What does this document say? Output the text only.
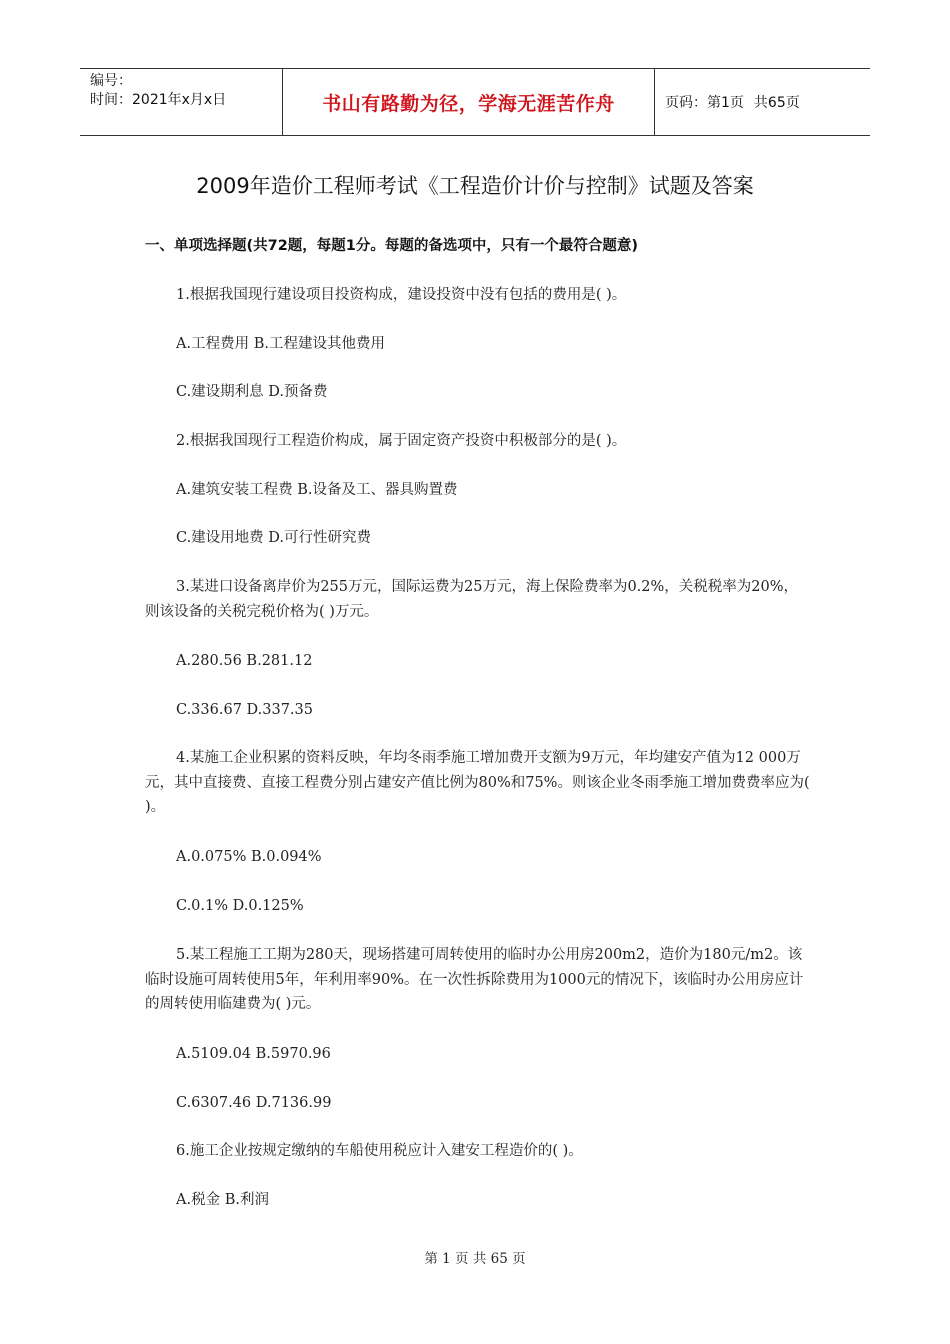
编号：
时间：2021年x月x日	书山有路勤为径，学海无涯苦作舟	页码：第1页 共65页
2009年造价工程师考试《工程造价计价与控制》试题及答案
一、单项选择题(共72题，每题1分。每题的备选项中，只有一个最符合题意)
1.根据我国现行建设项目投资构成，建设投资中没有包括的费用是( )。
A.工程费用 B.工程建设其他费用
C.建设期利息 D.预备费
2.根据我国现行工程造价构成，属于固定资产投资中积极部分的是( )。
A.建筑安装工程费 B.设备及工、器具购置费
C.建设用地费 D.可行性研究费
3.某进口设备离岸价为255万元，国际运费为25万元，海上保险费率为0.2%，关税税率为20%，则该设备的关税完税价格为( )万元。
A.280.56 B.281.12
C.336.67 D.337.35
4.某施工企业积累的资料反映，年均冬雨季施工增加费开支额为9万元，年均建安产值为12 000万元，其中直接费、直接工程费分别占建安产值比例为80%和75%。则该企业冬雨季施工增加费费率应为( )。
A.0.075% B.0.094%
C.0.1% D.0.125%
5.某工程施工工期为280天，现场搭建可周转使用的临时办公用房200m2，造价为180元/m2。该临时设施可周转使用5年，年利用率90%。在一次性拆除费用为1000元的情况下，该临时办公用房应计的周转使用临建费为( )元。
A.5109.04 B.5970.96
C.6307.46 D.7136.99
6.施工企业按规定缴纳的车船使用税应计入建安工程造价的( )。
A.税金 B.利润
第 1 页 共 65 页
